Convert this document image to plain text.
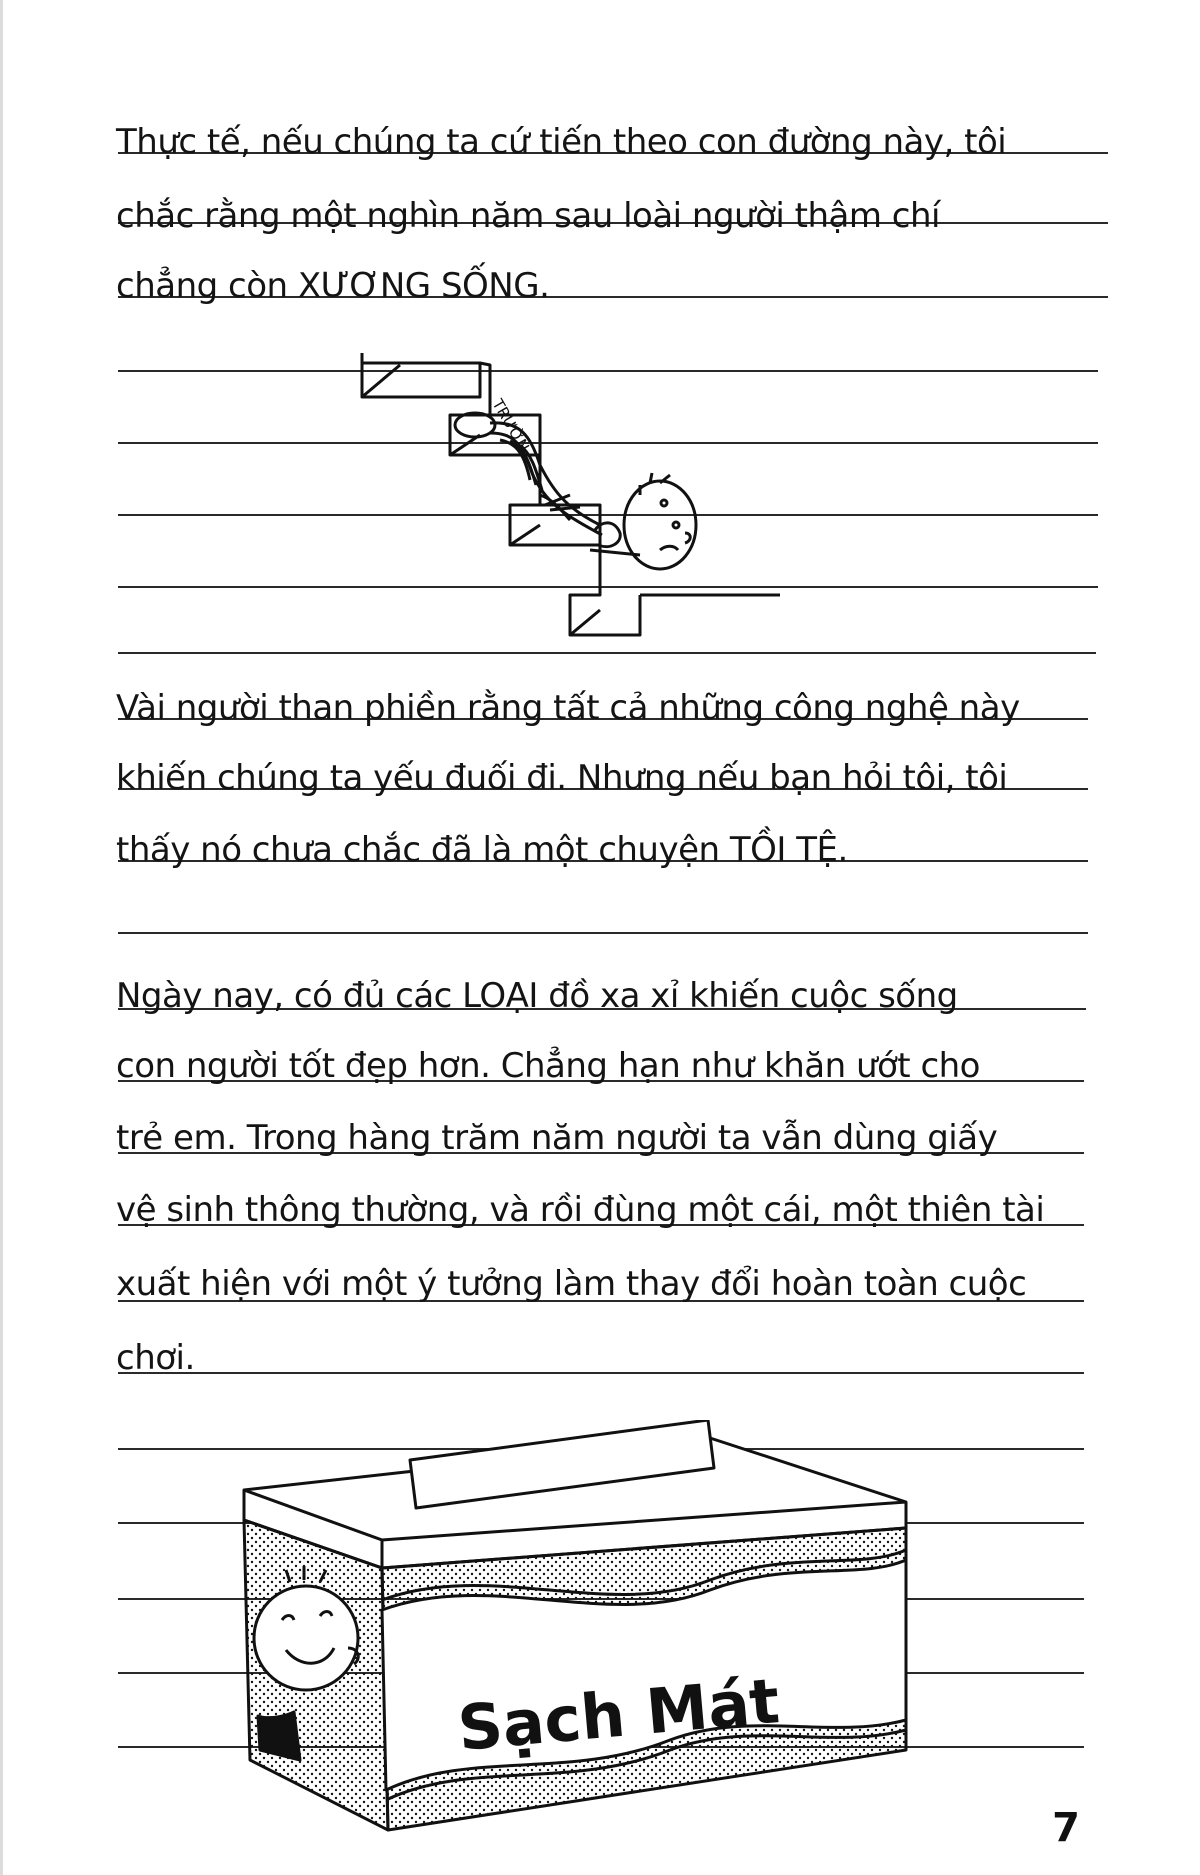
Thực tế, nếu chúng ta cứ tiến theo con đường này, tôi
chắc rằng một nghìn năm sau loài người thậm chí
chẳng còn XƯƠNG SỐNG.
TRƯỜN
Vài người than phiền rằng tất cả những công nghệ này
khiến chúng ta yếu đuối đi. Nhưng nếu bạn hỏi tôi, tôi
thấy nó chưa chắc đã là một chuyện TỒI TỆ.
Ngày nay, có đủ các LOẠI đồ xa xỉ khiến cuộc sống
con người tốt đẹp hơn. Chẳng hạn như khăn ướt cho
trẻ em. Trong hàng trăm năm người ta vẫn dùng giấy
vệ sinh thông thường, và rồi đùng một cái, một thiên tài
xuất hiện với một ý tưởng làm thay đổi hoàn toàn cuộc
chơi.
Sạch Mát
7
